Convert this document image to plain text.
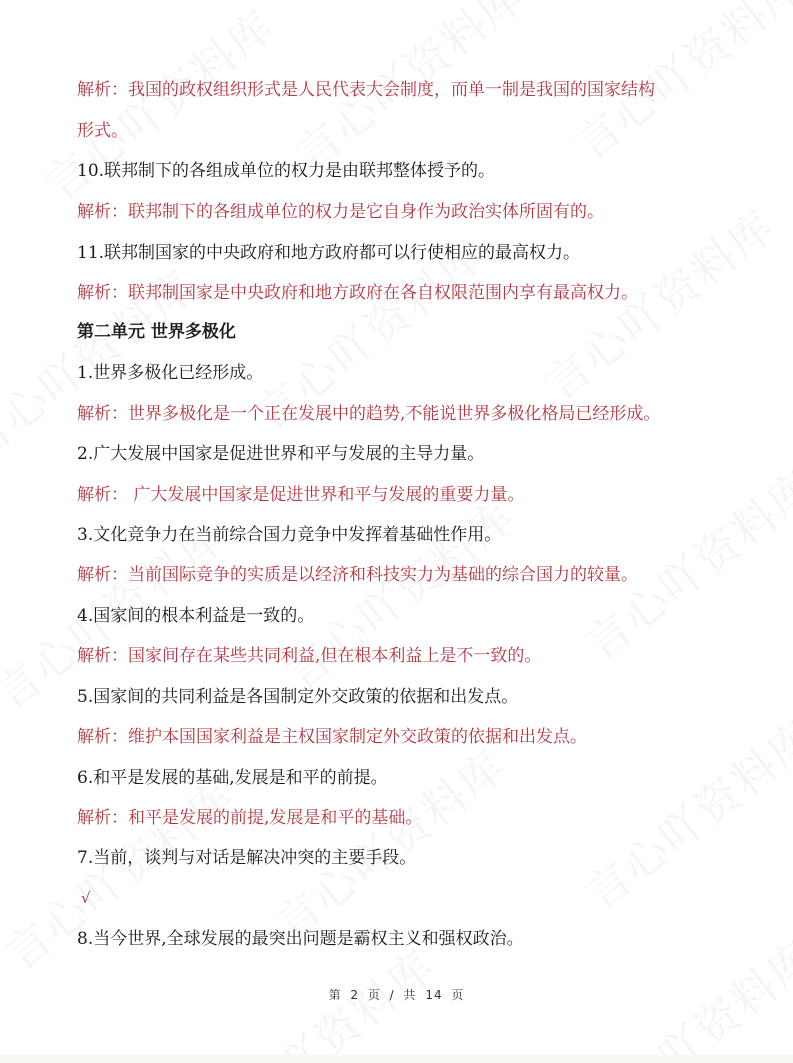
解析：我国的政权组织形式是人民代表大会制度，而单一制是我国的国家结构
形式。
10.联邦制下的各组成单位的权力是由联邦整体授予的。
解析：联邦制下的各组成单位的权力是它自身作为政治实体所固有的。
11.联邦制国家的中央政府和地方政府都可以行使相应的最高权力。
解析：联邦制国家是中央政府和地方政府在各自权限范围内享有最高权力。
第二单元 世界多极化
1.世界多极化已经形成。
解析：世界多极化是一个正在发展中的趋势,不能说世界多极化格局已经形成。
2.广大发展中国家是促进世界和平与发展的主导力量。
解析： 广大发展中国家是促进世界和平与发展的重要力量。
3.文化竞争力在当前综合国力竞争中发挥着基础性作用。
解析：当前国际竞争的实质是以经济和科技实力为基础的综合国力的较量。
4.国家间的根本利益是一致的。
解析：国家间存在某些共同利益,但在根本利益上是不一致的。
5.国家间的共同利益是各国制定外交政策的依据和出发点。
解析：维护本国国家利益是主权国家制定外交政策的依据和出发点。
6.和平是发展的基础,发展是和平的前提。
解析：和平是发展的前提,发展是和平的基础。
7.当前，谈判与对话是解决冲突的主要手段。
√
8.当今世界,全球发展的最突出问题是霸权主义和强权政治。
第 2 页 / 共 14 页
